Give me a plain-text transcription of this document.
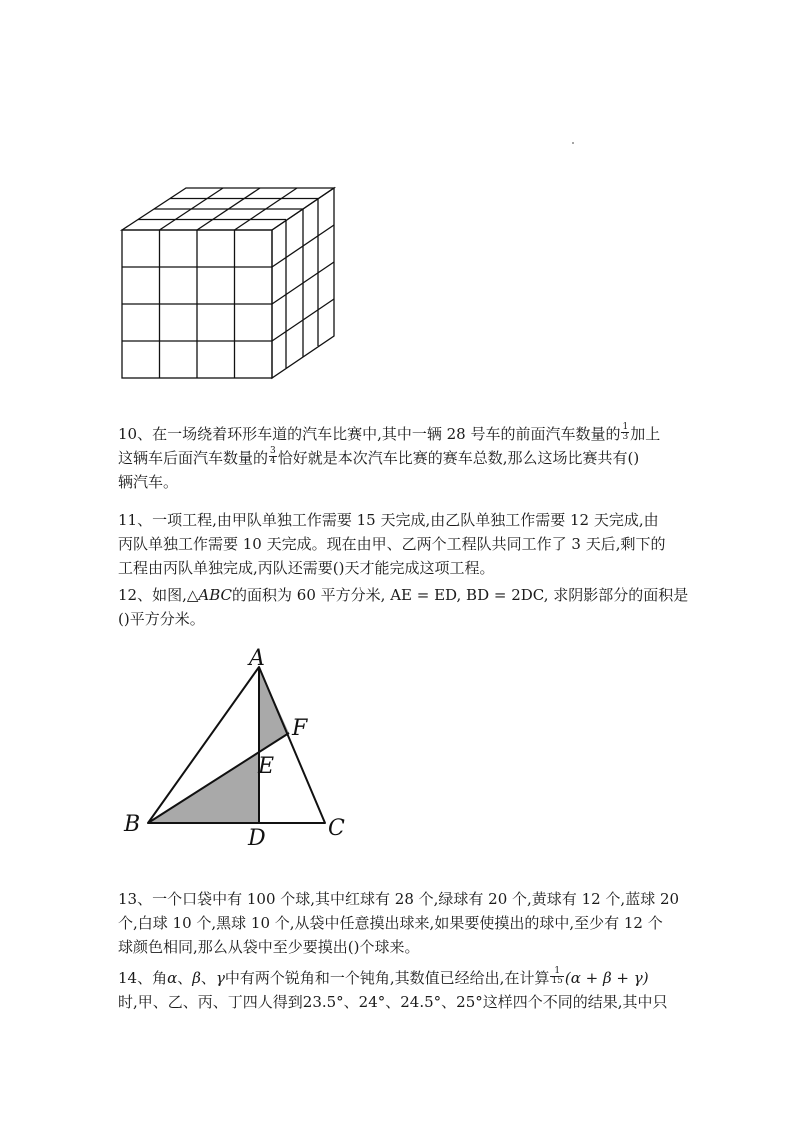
10、在一场绕着环形车道的汽车比赛中,其中一辆 28 号车的前面汽车数量的 $\frac{1}{3}$ 加上
这辆车后面汽车数量的 $\frac{3}{4}$ 恰好就是本次汽车比赛的赛车总数,那么这场比赛共有()
辆汽车。
11、一项工程,由甲队单独工作需要 15 天完成,由乙队单独工作需要 12 天完成,由
丙队单独工作需要 10 天完成。现在由甲、乙两个工程队共同工作了 3 天后,剩下的
工程由丙队单独完成,丙队还需要()天才能完成这项工程。
12、如图,△ABC的面积为 60 平方分米, AE = ED, BD = 2DC, 求阴影部分的面积是
()平方分米。
A
B	C
D
E
F
13、一个口袋中有 100 个球,其中红球有 28 个,绿球有 20 个,黄球有 12 个,蓝球 20
个,白球 10 个,黑球 10 个,从袋中任意摸出球来,如果要使摸出的球中,至少有 12 个
球颜色相同,那么从袋中至少要摸出()个球来。
14、角α、β、γ中有两个锐角和一个钝角,其数值已经给出,在计算 $\frac{1}{15} (\alpha + \beta + \gamma)$
时,甲、乙、丙、丁四人得到23.5°、24°、24.5°、25°这样四个不同的结果,其中只
